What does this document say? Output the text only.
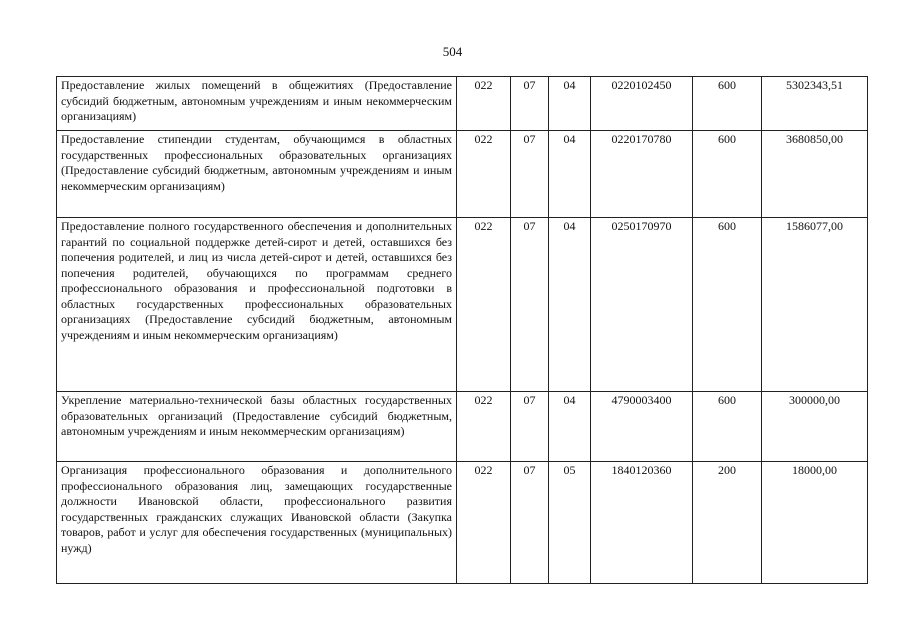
504
Предоставление жилых помещений в общежитиях (Предоставление субсидий бюджетным, автономным учреждениям и иным некоммерческим организациям)	022	07	04	0220102450	600	5302343,51
Предоставление стипендии студентам, обучающимся в областных государственных профессиональных образовательных организациях (Предоставление субсидий бюджетным, автономным учреждениям и иным некоммерческим организациям)	022	07	04	0220170780	600	3680850,00
Предоставление полного государственного обеспечения и дополнительных гарантий по социальной поддержке детей-сирот и детей, оставшихся без попечения родителей, и лиц из числа детей-сирот и детей, оставшихся без попечения родителей, обучающихся по программам среднего профессионального образования и профессиональной подготовки в областных государственных профессиональных образовательных организациях (Предоставление субсидий бюджетным, автономным учреждениям и иным некоммерческим организациям)	022	07	04	0250170970	600	1586077,00
Укрепление материально-технической базы областных государственных образовательных организаций (Предоставление субсидий бюджетным, автономным учреждениям и иным некоммерческим организациям)	022	07	04	4790003400	600	300000,00
Организация профессионального образования и дополнительного профессионального образования лиц, замещающих государственные должности Ивановской области, профессионального развития государственных гражданских служащих Ивановской области (Закупка товаров, работ и услуг для обеспечения государственных (муниципальных) нужд)	022	07	05	1840120360	200	18000,00
